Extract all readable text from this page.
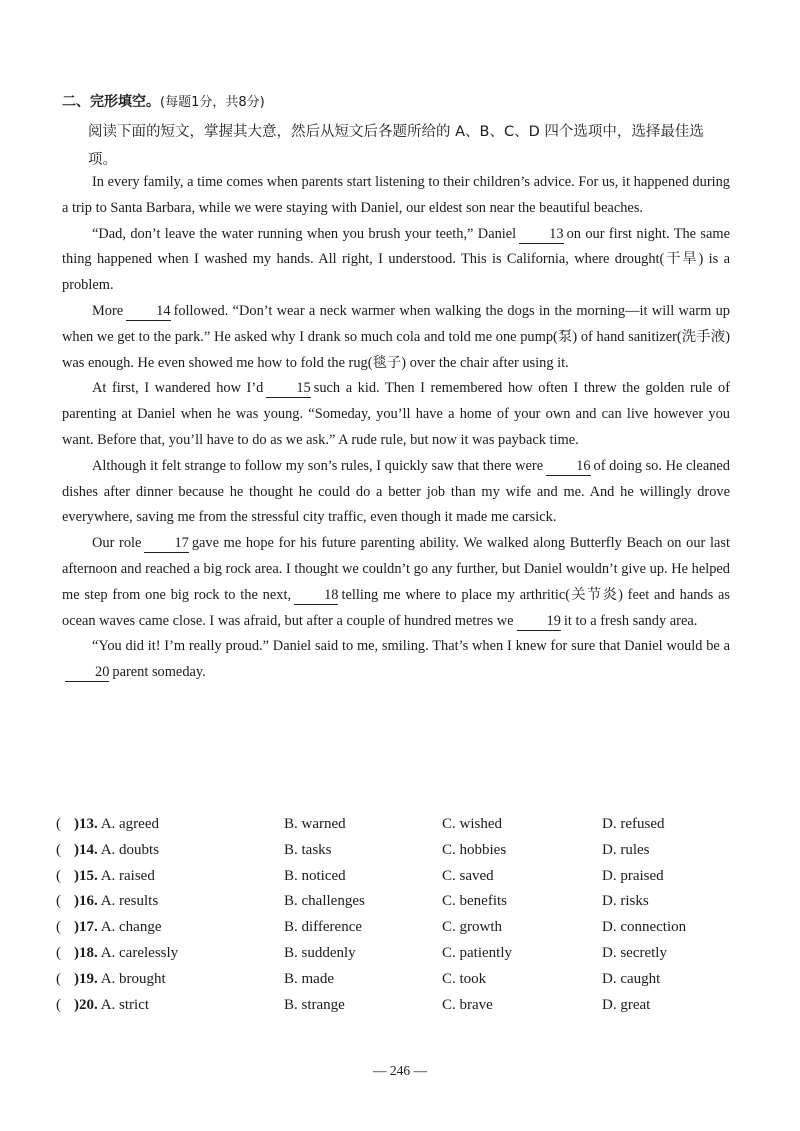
二、完形填空。(每题1分，共8分)
阅读下面的短文，掌握其大意，然后从短文后各题所给的 A、B、C、D 四个选项中，选择最佳选项。

In every family, a time comes when parents start listening to their children’s advice. For us, it happened during a trip to Santa Barbara, while we were staying with Daniel, our eldest son near the beautiful beaches.

“Dad, don’t leave the water running when you brush your teeth,” Daniel 13 on our first night. The same thing happened when I washed my hands. All right, I understood. This is California, where drought(干旱) is a problem.

More 14 followed. “Don’t wear a neck warmer when walking the dogs in the morning—it will warm up when we get to the park.” He asked why I drank so much cola and told me one pump(泵) of hand sanitizer(洗手液) was enough. He even showed me how to fold the rug(毯子) over the chair after using it.

At first, I wandered how I’d 15 such a kid. Then I remembered how often I threw the golden rule of parenting at Daniel when he was young. “Someday, you’ll have a home of your own and can live however you want. Before that, you’ll have to do as we ask.” A rude rule, but now it was payback time.

Although it felt strange to follow my son’s rules, I quickly saw that there were 16 of doing so. He cleaned dishes after dinner because he thought he could do a better job than my wife and me. And he willingly drove everywhere, saving me from the stressful city traffic, even though it made me carsick.

Our role 17 gave me hope for his future parenting ability. We walked along Butterfly Beach on our last afternoon and reached a big rock area. I thought we couldn’t go any further, but Daniel wouldn’t give up. He helped me step from one big rock to the next, 18 telling me where to place my arthritic(关节炎) feet and hands as ocean waves came close. I was afraid, but after a couple of hundred metres we 19 it to a fresh sandy area.

“You did it! I’m really proud.” Daniel said to me, smiling. That’s when I knew for sure that Daniel would be a20 parent someday.

( )13. A. agreed	B. warned	C. wished	D. refused
( )14. A. doubts	B. tasks	C. hobbies	D. rules
( )15. A. raised	B. noticed	C. saved	D. praised
( )16. A. results	B. challenges	C. benefits	D. risks
( )17. A. change	B. difference	C. growth	D. connection
( )18. A. carelessly	B. suddenly	C. patiently	D. secretly
( )19. A. brought	B. made	C. took	D. caught
( )20. A. strict	B. strange	C. brave	D. great
— 246 —
